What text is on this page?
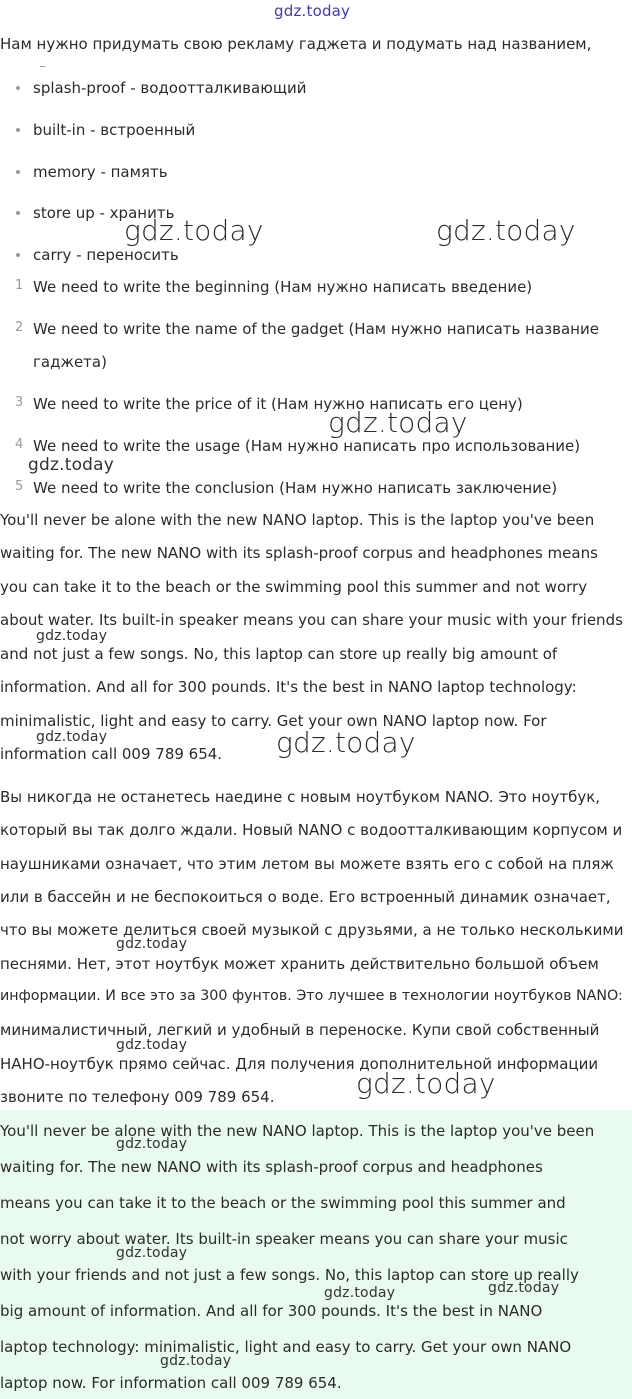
gdz.today
Нам нужно придумать свою рекламу гаджета и подумать над названием,
splash-proof - водоотталкивающий
built-in - встроенный
memory - память
store up - хранить
carry - переносить
1 We need to write the beginning (Нам нужно написать введение)
2 We need to write the name of the gadget (Нам нужно написать название
гаджета)
3 We need to write the price of it (Нам нужно написать его цену)
4 We need to write the usage (Нам нужно написать про использование)
5 We need to write the conclusion (Нам нужно написать заключение)
You'll never be alone with the new NANO laptop. This is the laptop you've been
waiting for. The new NANO with its splash-proof corpus and headphones means
you can take it to the beach or the swimming pool this summer and not worry
about water. Its built-in speaker means you can share your music with your friends
and not just a few songs. No, this laptop can store up really big amount of
information. And all for 300 pounds. It's the best in NANO laptop technology:
minimalistic, light and easy to carry. Get your own NANO laptop now. For
information call 009 789 654.
Вы никогда не останетесь наедине с новым ноутбуком NANO. Это ноутбук,
который вы так долго ждали. Новый NANO с водоотталкивающим корпусом и
наушниками означает, что этим летом вы можете взять его с собой на пляж
или в бассейн и не беспокоиться о воде. Его встроенный динамик означает,
что вы можете делиться своей музыкой с друзьями, а не только несколькими
песнями. Нет, этот ноутбук может хранить действительно большой объем
информации. И все это за 300 фунтов. Это лучшее в технологии ноутбуков NANO:
минималистичный, легкий и удобный в переноске. Купи свой собственный
НАНО-ноутбук прямо сейчас. Для получения дополнительной информации
звоните по телефону 009 789 654.
You'll never be alone with the new NANO laptop. This is the laptop you've been
waiting for. The new NANO with its splash-proof corpus and headphones
means you can take it to the beach or the swimming pool this summer and
not worry about water. Its built-in speaker means you can share your music
with your friends and not just a few songs. No, this laptop can store up really
big amount of information. And all for 300 pounds. It's the best in NANO
laptop technology: minimalistic, light and easy to carry. Get your own NANO
laptop now. For information call 009 789 654.
gdz.today	gdz.today
gdz.today
gdz.today
gdz.today
gdz.today	gdz.today
gdz.today
gdz.today
gdz.today
gdz.today
gdz.today
gdz.today
gdz.today
gdz.today
